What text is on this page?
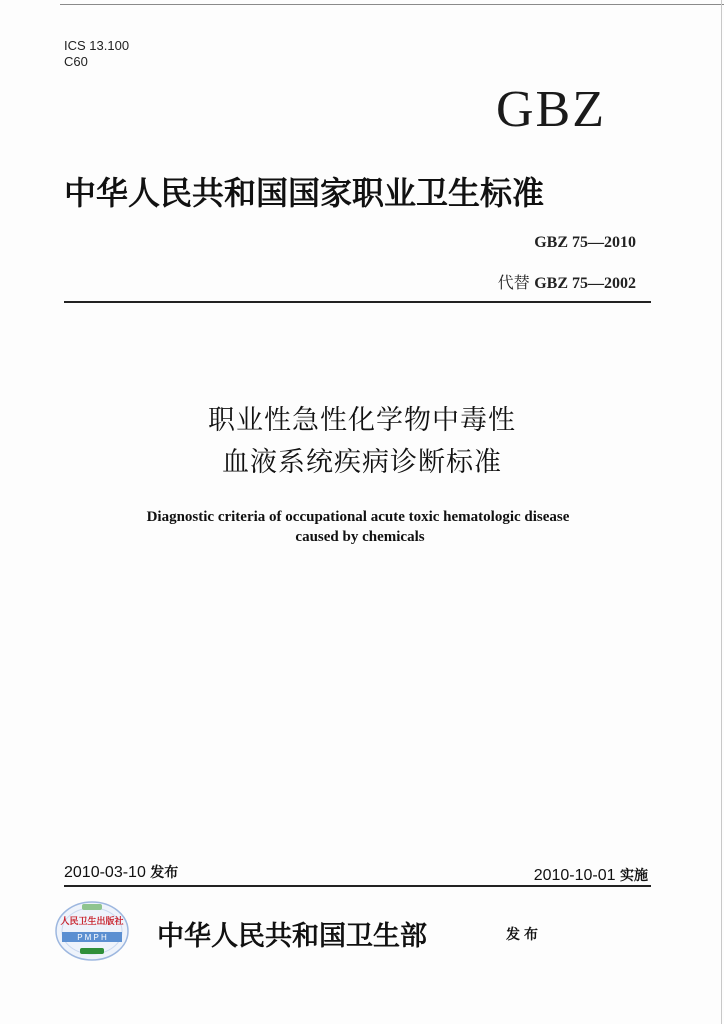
ICS 13.100
C60
GBZ
中华人民共和国国家职业卫生标准
GBZ 75—2010
代替 GBZ 75—2002
职业性急性化学物中毒性
血液系统疾病诊断标准
Diagnostic criteria of occupational acute toxic hematologic disease
caused by chemicals
2010-03-10 发布	2010-10-01 实施
人民卫生出版社
P M P H 中华人民共和国卫生部	发布
